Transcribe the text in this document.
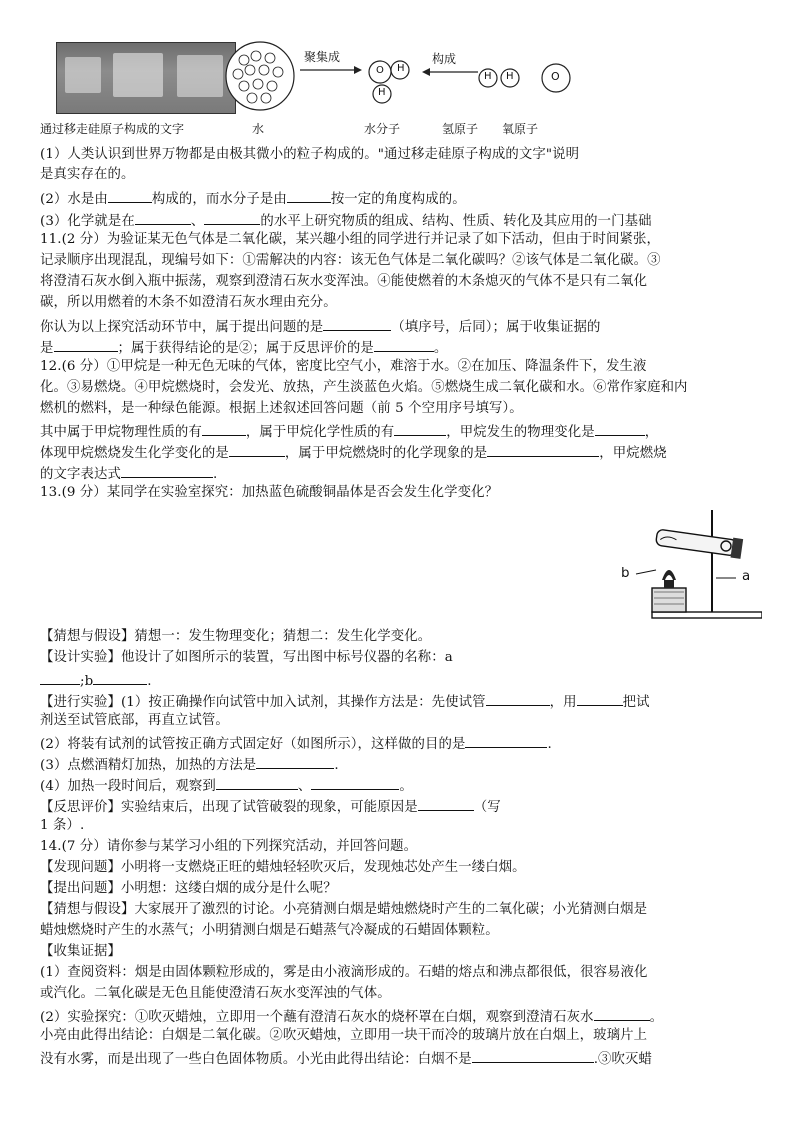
通过移走硅原子构成的文字
O H
H
H H	O
聚集成	构成
水	水分子	氢原子 氧原子
(1）人类认识到世界万物都是由极其微小的粒子构成的。"通过移走硅原子构成的文字"说明
是真实存在的。
(2）水是由	构成的，而水分子是由	按一定的角度构成的。
(3）化学就是在	、	的水平上研究物质的组成、结构、性质、转化及其应用的一门基础
11.(2 分）为验证某无色气体是二氧化碳，某兴趣小组的同学进行并记录了如下活动，但由于时间紧张，
记录顺序出现混乱，现编号如下：①需解决的内容：该无色气体是二氧化碳吗？②该气体是二氧化碳。③
将澄清石灰水倒入瓶中振荡，观察到澄清石灰水变浑浊。④能使燃着的木条熄灭的气体不是只有二氧化
碳，所以用燃着的木条不如澄清石灰水理由充分。
你认为以上探究活动环节中，属于提出问题的是	（填序号，后同）；属于收集证据的
是	；属于获得结论的是②；属于反思评价的是	。
12.(6 分）①甲烷是一种无色无味的气体，密度比空气小，难溶于水。②在加压、降温条件下，发生液
化。③易燃烧。④甲烷燃烧时，会发光、放热，产生淡蓝色火焰。⑤燃烧生成二氧化碳和水。⑥常作家庭和内
燃机的燃料，是一种绿色能源。根据上述叙述回答问题（前 5 个空用序号填写）。
其中属于甲烷物理性质的有	，属于甲烷化学性质的有	，甲烷发生的物理变化是	，
体现甲烷燃烧发生化学变化的是	，属于甲烷燃烧时的化学现象的是	，甲烷燃烧
的文字表达式	.
13.(9 分）某同学在实验室探究：加热蓝色硫酸铜晶体是否会发生化学变化？
b	a
【猜想与假设】猜想一：发生物理变化；猜想二：发生化学变化。
【设计实验】他设计了如图所示的装置，写出图中标号仪器的名称：a
;b	.
【进行实验】(1）按正确操作向试管中加入试剂，其操作方法是：先使试管	，用	把试
剂送至试管底部，再直立试管。
(2）将装有试剂的试管按正确方式固定好（如图所示），这样做的目的是	.
(3）点燃酒精灯加热，加热的方法是	.
(4）加热一段时间后，观察到	、	。
【反思评价】实验结束后，出现了试管破裂的现象，可能原因是	（写
1 条）.
14.(7 分）请你参与某学习小组的下列探究活动，并回答问题。
【发现问题】小明将一支燃烧正旺的蜡烛轻轻吹灭后，发现烛芯处产生一缕白烟。
【提出问题】小明想：这缕白烟的成分是什么呢？
【猜想与假设】大家展开了激烈的讨论。小亮猜测白烟是蜡烛燃烧时产生的二氧化碳；小光猜测白烟是
蜡烛燃烧时产生的水蒸气；小明猜测白烟是石蜡蒸气冷凝成的石蜡固体颗粒。
【收集证据】
(1）查阅资料：烟是由固体颗粒形成的，雾是由小液滴形成的。石蜡的熔点和沸点都很低，很容易液化
或汽化。二氧化碳是无色且能使澄清石灰水变浑浊的气体。
(2）实验探究：①吹灭蜡烛，立即用一个蘸有澄清石灰水的烧杯罩在白烟，观察到澄清石灰水	。
小亮由此得出结论：白烟是二氧化碳。②吹灭蜡烛，立即用一块干而冷的玻璃片放在白烟上，玻璃片上
没有水雾，而是出现了一些白色固体物质。小光由此得出结论：白烟不是	.③吹灭蜡
